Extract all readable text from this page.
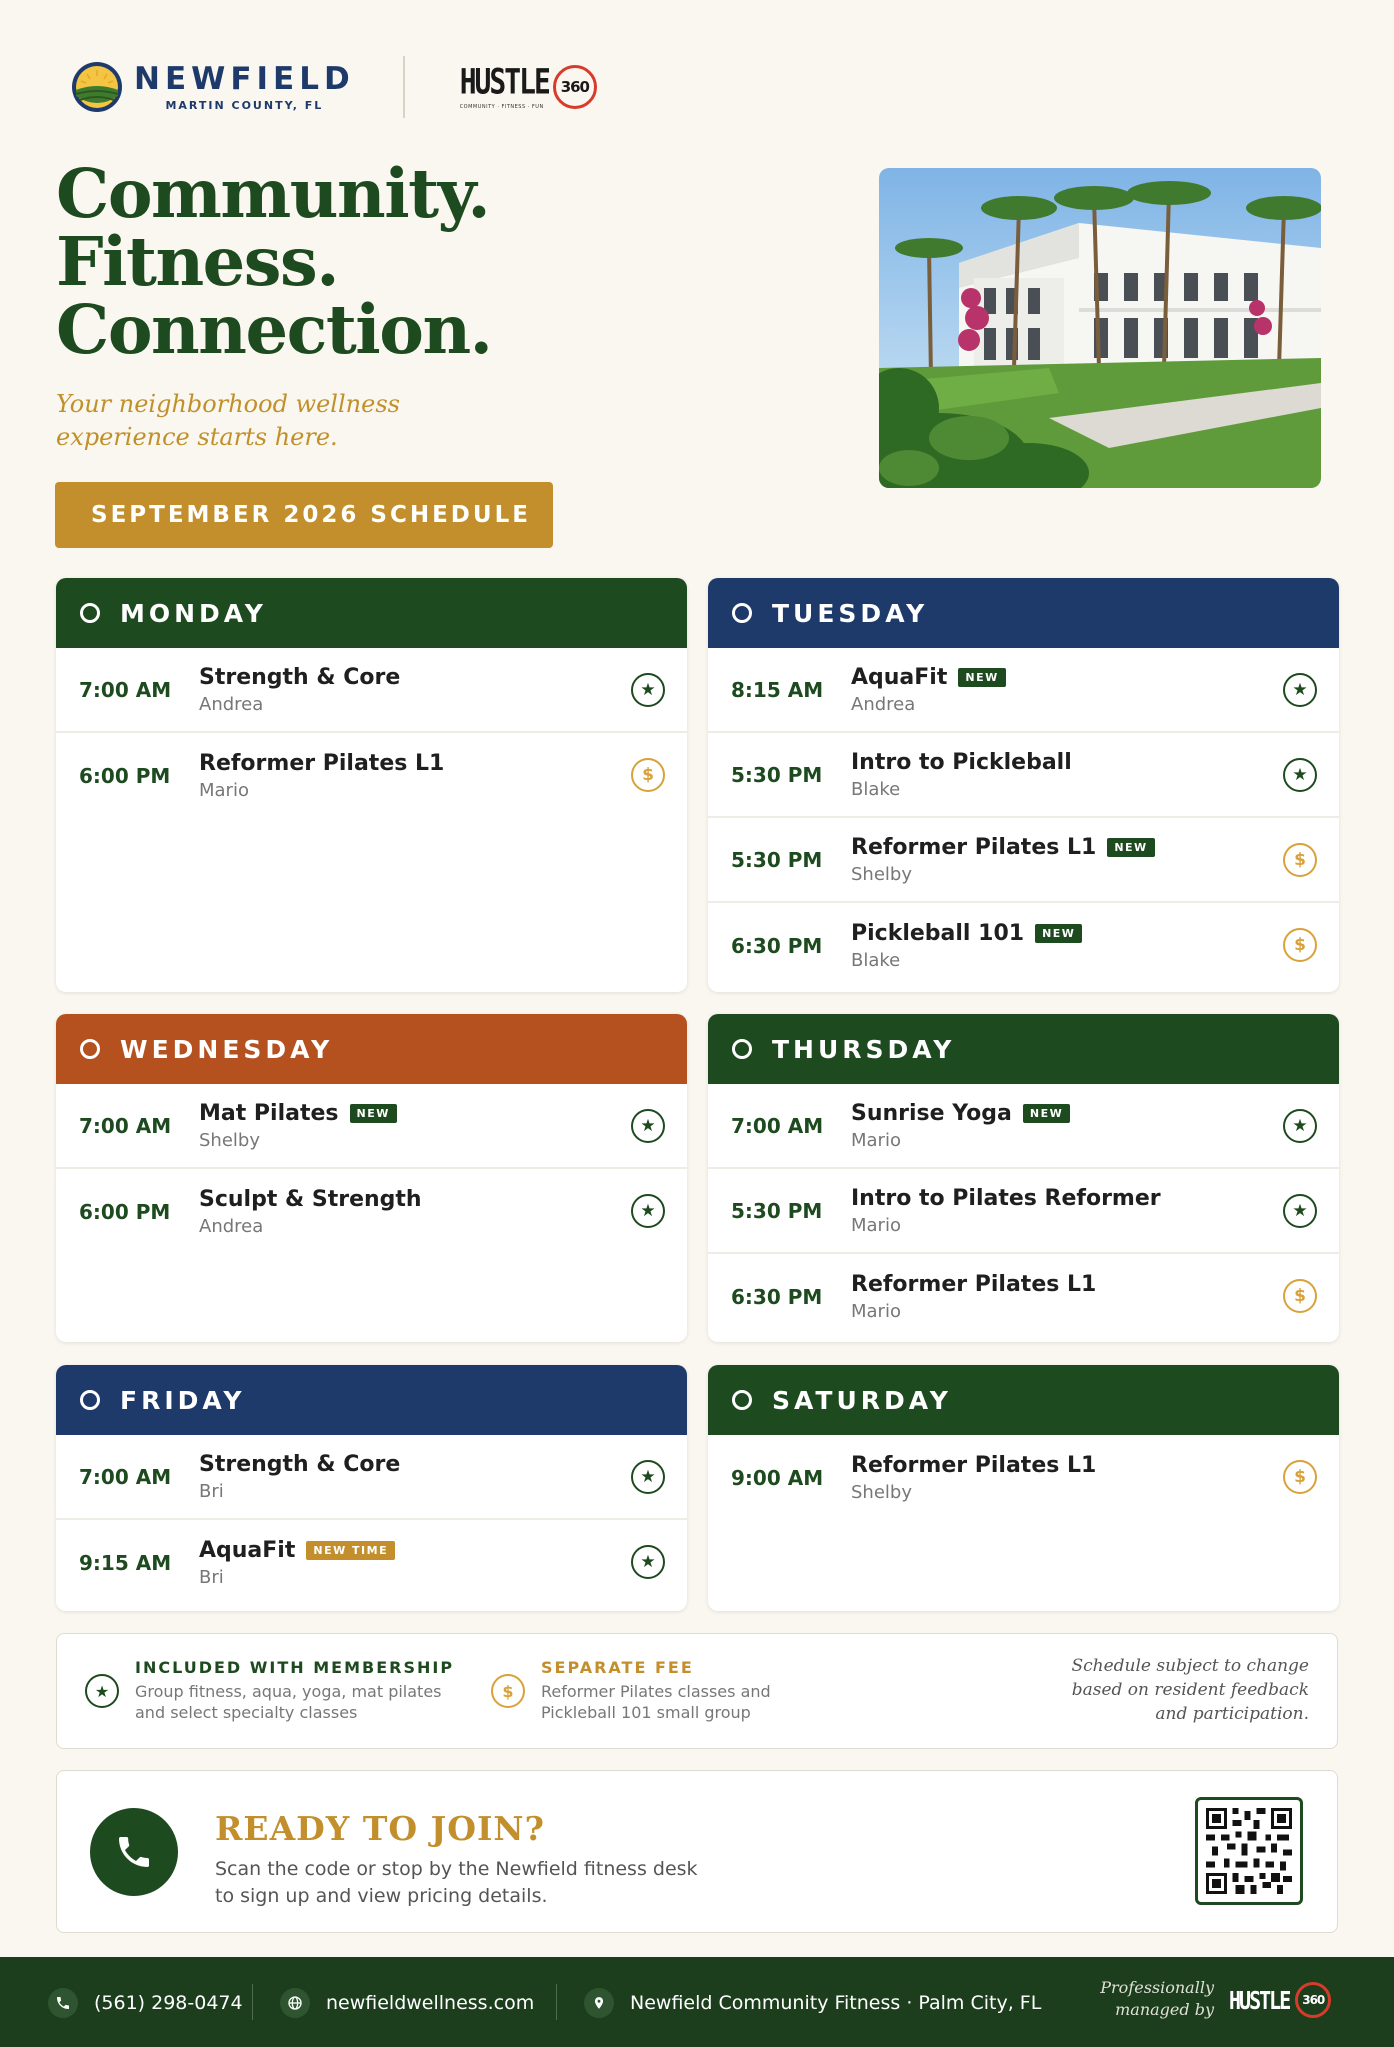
NEWFIELD
MARTIN COUNTY, FL
HUSTLE
COMMUNITY · FITNESS · FUN
360
Community.
Fitness.
Connection.
Your neighborhood wellness
experience starts here.
SEPTEMBER 2026 SCHEDULE
MONDAY
7:00 AM	Strength & Core
Andrea
★
6:00 PM	Reformer Pilates L1
Mario
$
TUESDAY
8:15 AM	AquaFit	NEW
Andrea
★
5:30 PM	Intro to Pickleball
Blake
★
5:30 PM	Reformer Pilates L1	NEW
Shelby
$
6:30 PM	Pickleball 101	NEW
Blake
$
WEDNESDAY
7:00 AM	Mat Pilates	NEW
Shelby
★
6:00 PM	Sculpt & Strength
Andrea
★
THURSDAY
7:00 AM	Sunrise Yoga	NEW
Mario
★
5:30 PM	Intro to Pilates Reformer
Mario
★
6:30 PM	Reformer Pilates L1
Mario
$
FRIDAY
7:00 AM	Strength & Core
Bri
★
9:15 AM	AquaFit	NEW TIME
Bri
★
SATURDAY
9:00 AM	Reformer Pilates L1
Shelby
$
★
INCLUDED WITH MEMBERSHIP
Group fitness, aqua, yoga, mat pilates
and select specialty classes
$
SEPARATE FEE
Reformer Pilates classes and
Pickleball 101 small group
Schedule subject to change
based on resident feedback
and participation.
READY TO JOIN?
Scan the code or stop by the Newfield fitness desk
to sign up and view pricing details.
(561) 298-0474	newfieldwellness.com	Newfield Community Fitness · Palm City, FL
Professionally
managed by HUSTLE	360
